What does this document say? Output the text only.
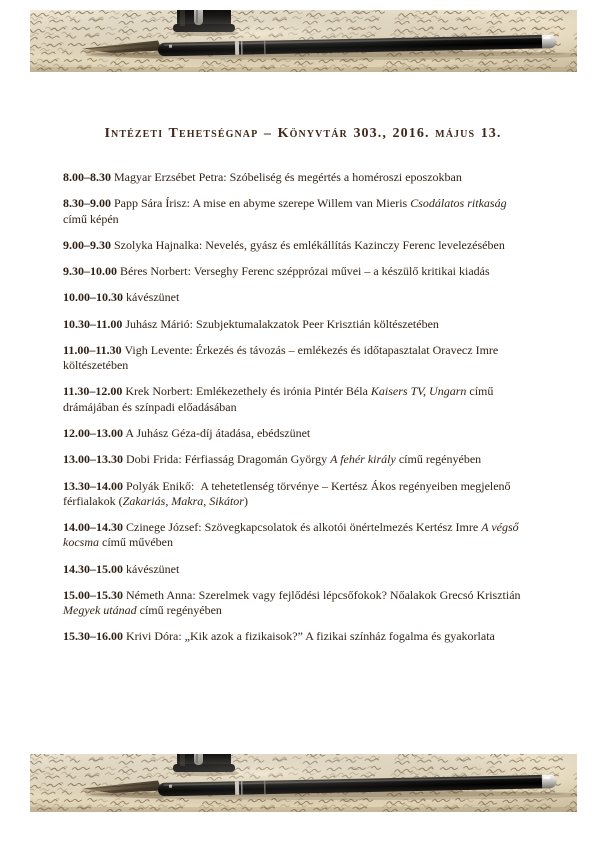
Intézeti Tehetségnap – Könyvtár 303., 2016. május 13.
8.00–8.30 Magyar Erzsébet Petra: Szóbeliség és megértés a homéroszi eposzokban
8.30–9.00 Papp Sára Írisz: A mise en abyme szerepe Willem van Mieris Csodálatos ritkaság
című képén
9.00–9.30 Szolyka Hajnalka: Nevelés, gyász és emlékállítás Kazinczy Ferenc levelezésében
9.30–10.00 Béres Norbert: Verseghy Ferenc szépprózai művei – a készülő kritikai kiadás
10.00–10.30 kávészünet
10.30–11.00 Juhász Márió: Szubjektumalakzatok Peer Krisztián költészetében
11.00–11.30 Vigh Levente: Érkezés és távozás – emlékezés és időtapasztalat Oravecz Imre
költészetében
11.30–12.00 Krek Norbert: Emlékezethely és irónia Pintér Béla Kaisers TV, Ungarn című
drámájában és színpadi előadásában
12.00–13.00 A Juhász Géza-díj átadása, ebédszünet
13.00–13.30 Dobi Frida: Férfiasság Dragomán György A fehér király című regényében
13.30–14.00 Polyák Enikő:  A tehetetlenség törvénye – Kertész Ákos regényeiben megjelenő
férfialakok (Zakariás, Makra, Sikátor)
14.00–14.30 Czinege József: Szövegkapcsolatok és alkotói önértelmezés Kertész Imre A végső
kocsma című művében
14.30–15.00 kávészünet
15.00–15.30 Németh Anna: Szerelmek vagy fejlődési lépcsőfokok? Nőalakok Grecsó Krisztián
Megyek utánad című regényében
15.30–16.00 Krivi Dóra: „Kik azok a fizikaisok?” A fizikai színház fogalma és gyakorlata
